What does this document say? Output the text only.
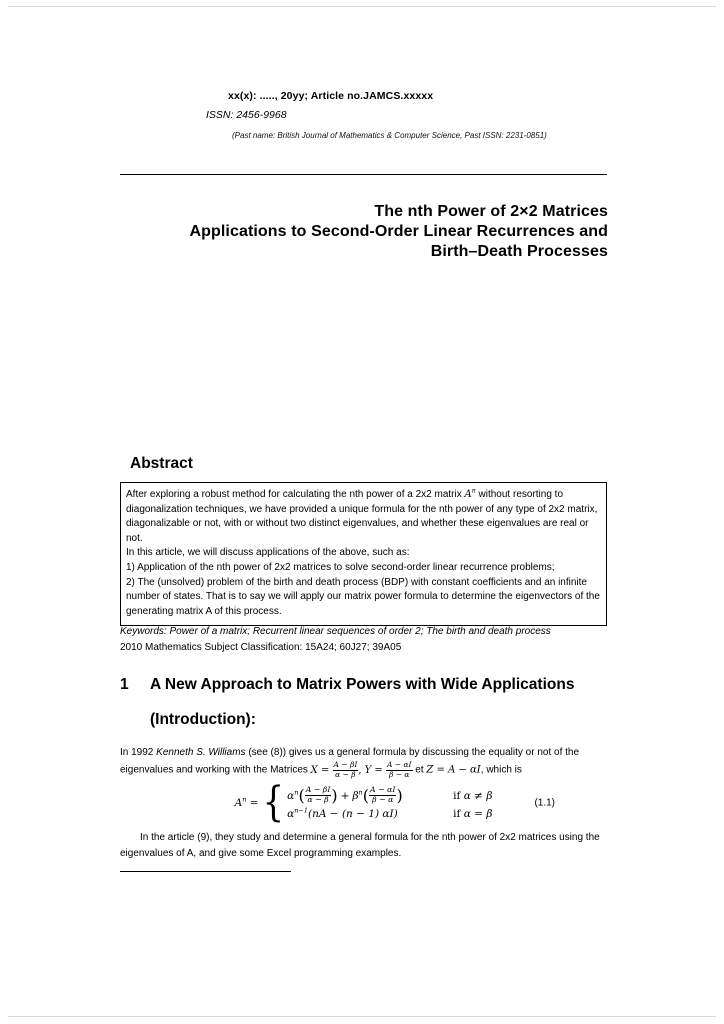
xx(x): ....., 20yy; Article no.JAMCS.xxxxx
ISSN: 2456-9968
(Past name: British Journal of Mathematics & Computer Science, Past ISSN: 2231-0851)
The nth Power of 2×2 Matrices
Applications to Second-Order Linear Recurrences and
Birth–Death Processes
Abstract

After exploring a robust method for calculating the nth power of a 2x2 matrix $A^n$ without resorting to diagonalization techniques, we have provided a unique formula for the nth power of any type of 2x2 matrix, diagonalizable or not, with or without two distinct eigenvalues, and whether these eigenvalues are real or not.

In this article, we will discuss applications of the above, such as:

1) Application of the nth power of 2x2 matrices to solve second-order linear recurrence problems;

2) The (unsolved) problem of the birth and death process (BDP) with constant coefficients and an infinite number of states. That is to say we will apply our matrix power formula to determine the eigenvectors of the generating matrix A of this process.

Keywords: Power of a matrix; Recurrent linear sequences of order 2; The birth and death process
2010 Mathematics Subject Classification: 15A24; 60J27; 39A05
1	A New Approach to Matrix Powers with Wide Applications
(Introduction):

In 1992 Kenneth S. Williams (see (8)) gives us a general formula by discussing the equality or not of the eigenvalues and working with the Matrices $X = \frac{A - \beta I}{\alpha - \beta}$ , $Y = \frac{A - \alpha I}{\beta - \alpha}$ et Z = A − αI, which is

$A^n$ = { $\alpha^n$ ( $\frac{A - \beta I}{\alpha - \beta}$ ) + $\beta^n$ ( $\frac{A - \alpha I}{\beta - \alpha}$ )	if α ≠ β
$\alpha^{n-1}$ (nA − (n − 1) αI)	if α = β
(1.1)

In the article (9), they study and determine a general formula for the nth power of 2x2 matrices using the eigenvalues of A, and give some Excel programming examples.
